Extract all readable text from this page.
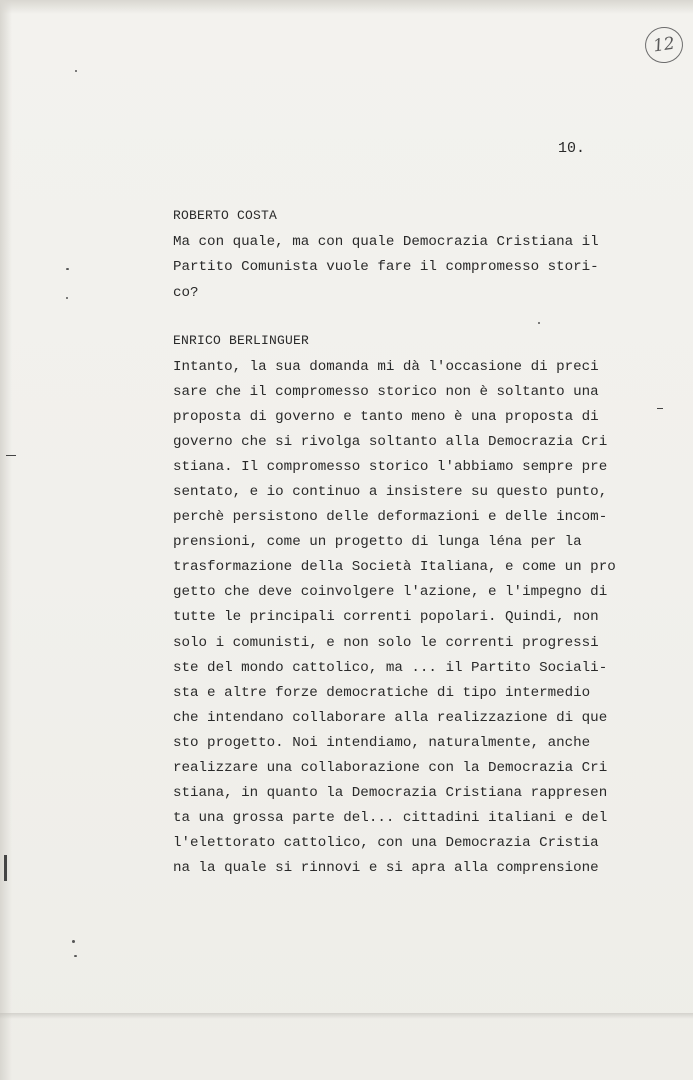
12
10.
ROBERTO COSTA
Ma con quale, ma con quale Democrazia Cristiana il
Partito Comunista vuole fare il compromesso stori-
co?
ENRICO BERLINGUER
Intanto, la sua domanda mi dà l'occasione di preci
sare che il compromesso storico non è soltanto una
proposta di governo e tanto meno è una proposta di
governo che si rivolga soltanto alla Democrazia Cri
stiana. Il compromesso storico l'abbiamo sempre pre
sentato, e io continuo a insistere su questo punto,
perchè persistono delle deformazioni e delle incom-
prensioni, come un progetto di lunga léna per la
trasformazione della Società Italiana, e come un pro
getto che deve coinvolgere l'azione, e l'impegno di
tutte le principali correnti popolari. Quindi, non
solo i comunisti, e non solo le correnti progressi
ste del mondo cattolico, ma ... il Partito Sociali-
sta e altre forze democratiche di tipo intermedio
che intendano collaborare alla realizzazione di que
sto progetto. Noi intendiamo, naturalmente, anche
realizzare una collaborazione con la Democrazia Cri
stiana, in quanto la Democrazia Cristiana rappresen
ta una grossa parte del... cittadini italiani e del
l'elettorato cattolico, con una Democrazia Cristia
na la quale si rinnovi e si apra alla comprensione
